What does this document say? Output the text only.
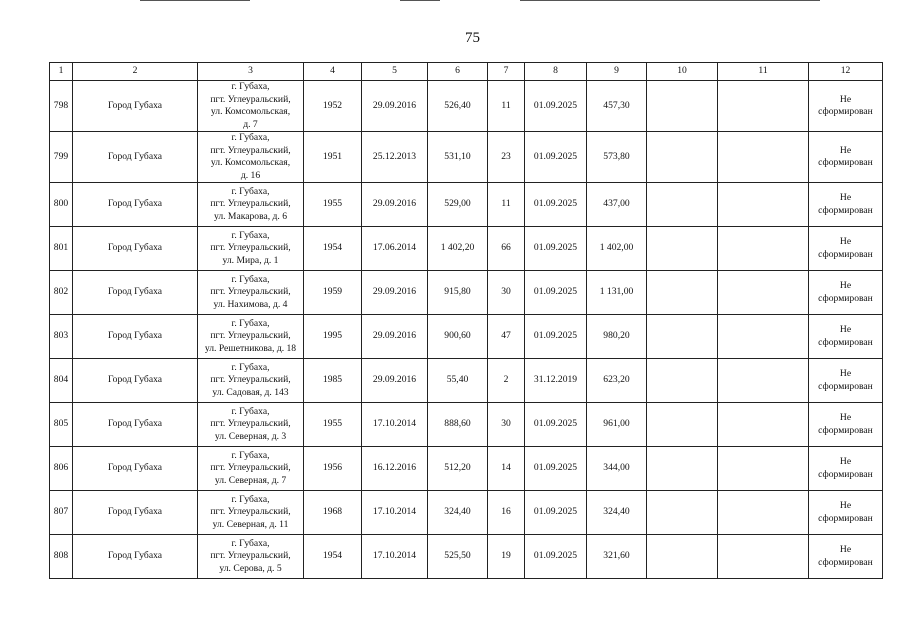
75
1	2	3	4	5	6	7	8	9	10	11	12
798	Город Губаха	г. Губаха,
пгт. Углеуральский,
ул. Комсомольская,
д. 7	1952	29.09.2016	526,40	11	01.09.2025	457,30			Не
сформирован
799	Город Губаха	г. Губаха,
пгт. Углеуральский,
ул. Комсомольская,
д. 16	1951	25.12.2013	531,10	23	01.09.2025	573,80			Не
сформирован
800	Город Губаха	г. Губаха,
пгт. Углеуральский,
ул. Макарова, д. 6	1955	29.09.2016	529,00	11	01.09.2025	437,00			Не
сформирован
801	Город Губаха	г. Губаха,
пгт. Углеуральский,
ул. Мира, д. 1	1954	17.06.2014	1 402,20	66	01.09.2025	1 402,00			Не
сформирован
802	Город Губаха	г. Губаха,
пгт. Углеуральский,
ул. Нахимова, д. 4	1959	29.09.2016	915,80	30	01.09.2025	1 131,00			Не
сформирован
803	Город Губаха	г. Губаха,
пгт. Углеуральский,
ул. Решетникова, д. 18	1995	29.09.2016	900,60	47	01.09.2025	980,20			Не
сформирован
804	Город Губаха	г. Губаха,
пгт. Углеуральский,
ул. Садовая, д. 143	1985	29.09.2016	55,40	2	31.12.2019	623,20			Не
сформирован
805	Город Губаха	г. Губаха,
пгт. Углеуральский,
ул. Северная, д. 3	1955	17.10.2014	888,60	30	01.09.2025	961,00			Не
сформирован
806	Город Губаха	г. Губаха,
пгт. Углеуральский,
ул. Северная, д. 7	1956	16.12.2016	512,20	14	01.09.2025	344,00			Не
сформирован
807	Город Губаха	г. Губаха,
пгт. Углеуральский,
ул. Северная, д. 11	1968	17.10.2014	324,40	16	01.09.2025	324,40			Не
сформирован
808	Город Губаха	г. Губаха,
пгт. Углеуральский,
ул. Серова, д. 5	1954	17.10.2014	525,50	19	01.09.2025	321,60			Не
сформирован
